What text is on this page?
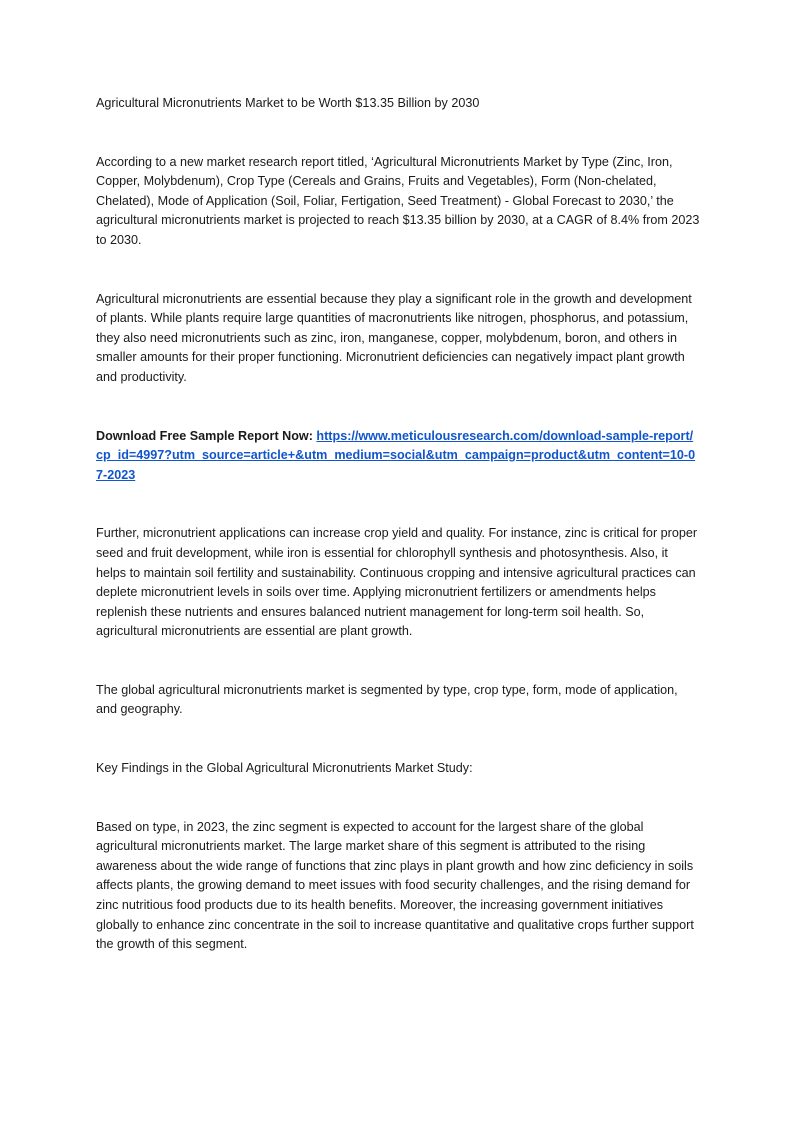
Agricultural Micronutrients Market to be Worth $13.35 Billion by 2030

According to a new market research report titled, ‘Agricultural Micronutrients Market by Type (Zinc, Iron, Copper, Molybdenum), Crop Type (Cereals and Grains, Fruits and Vegetables), Form (Non-chelated, Chelated), Mode of Application (Soil, Foliar, Fertigation, Seed Treatment) - Global Forecast to 2030,’ the agricultural micronutrients market is projected to reach $13.35 billion by 2030, at a CAGR of 8.4% from 2023 to 2030.

Agricultural micronutrients are essential because they play a significant role in the growth and development of plants. While plants require large quantities of macronutrients like nitrogen, phosphorus, and potassium, they also need micronutrients such as zinc, iron, manganese, copper, molybdenum, boron, and others in smaller amounts for their proper functioning. Micronutrient deficiencies can negatively impact plant growth and productivity.

Download Free Sample Report Now: https://www.meticulousresearch.com/download-sample-report/cp_id=4997?utm_source=article+&utm_medium=social&utm_campaign=product&utm_content=10-07-2023

Further, micronutrient applications can increase crop yield and quality. For instance, zinc is critical for proper seed and fruit development, while iron is essential for chlorophyll synthesis and photosynthesis. Also, it helps to maintain soil fertility and sustainability. Continuous cropping and intensive agricultural practices can deplete micronutrient levels in soils over time. Applying micronutrient fertilizers or amendments helps replenish these nutrients and ensures balanced nutrient management for long-term soil health. So, agricultural micronutrients are essential are plant growth.

The global agricultural micronutrients market is segmented by type, crop type, form, mode of application, and geography.

Key Findings in the Global Agricultural Micronutrients Market Study:

Based on type, in 2023, the zinc segment is expected to account for the largest share of the global agricultural micronutrients market. The large market share of this segment is attributed to the rising awareness about the wide range of functions that zinc plays in plant growth and how zinc deficiency in soils affects plants, the growing demand to meet issues with food security challenges, and the rising demand for zinc nutritious food products due to its health benefits. Moreover, the increasing government initiatives globally to enhance zinc concentrate in the soil to increase quantitative and qualitative crops further support the growth of this segment.
